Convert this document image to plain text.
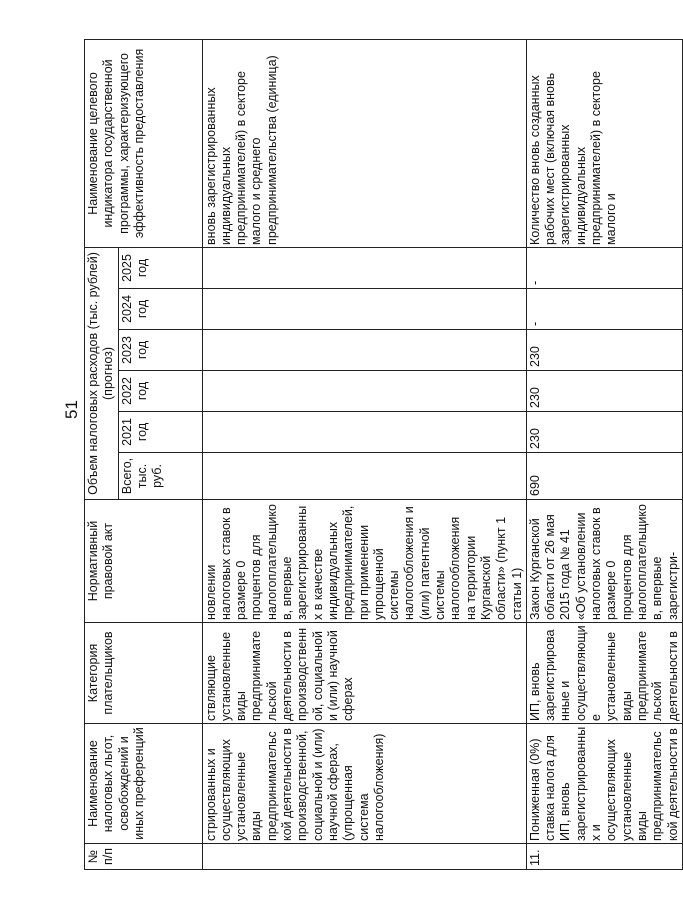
51
№ п/п	Наименование налоговых льгот, освобождений и иных преференций	Категория плательщиков	Нормативный правовой акт	Объем налоговых расходов (тыс. рублей) (прогноз)						Наименование целевого индикатора государственной программы, характеризующего эффективность предоставления
				Всего, тыс. руб.	2021 год	2022 год	2023 год	2024 год	2025 год	
	стрированных и осуществляющих установленные виды предпринимательской деятельности в производственной, социальной и (или) научной сферах, (упрощенная система налогообложения)	ствляющие установленные виды предпринимательской деятельности в производственной, социальной и (или) научной сферах	новлении налоговых ставок в размере 0 процентов для налогоплательщиков, впервые зарегистрированных в качестве индивидуальных предпринимателей, при применении упрощенной системы налогообложения и (или) патентной системы налогообложения на территории Курганской области» (пункт 1 статьи 1)							вновь зарегистрированных индивидуальных предпринимателей) в секторе малого и среднего предпринимательства (единица)
11.	Пониженная (0%) ставка налога для ИП, вновь зарегистрированных и осуществляющих установленные виды предпринимательской деятельности в	ИП, вновь зарегистрированные и осуществляющие установленные виды предпринимательской деятельности в	Закон Курганской области от 26 мая 2015 года № 41 «Об установлении налоговых ставок в размере 0 процентов для налогоплательщиков, впервые зарегистри-	690	230	230	230	-	-	Количество вновь созданных рабочих мест (включая вновь зарегистрированных индивидуальных предпринимателей) в секторе малого и
